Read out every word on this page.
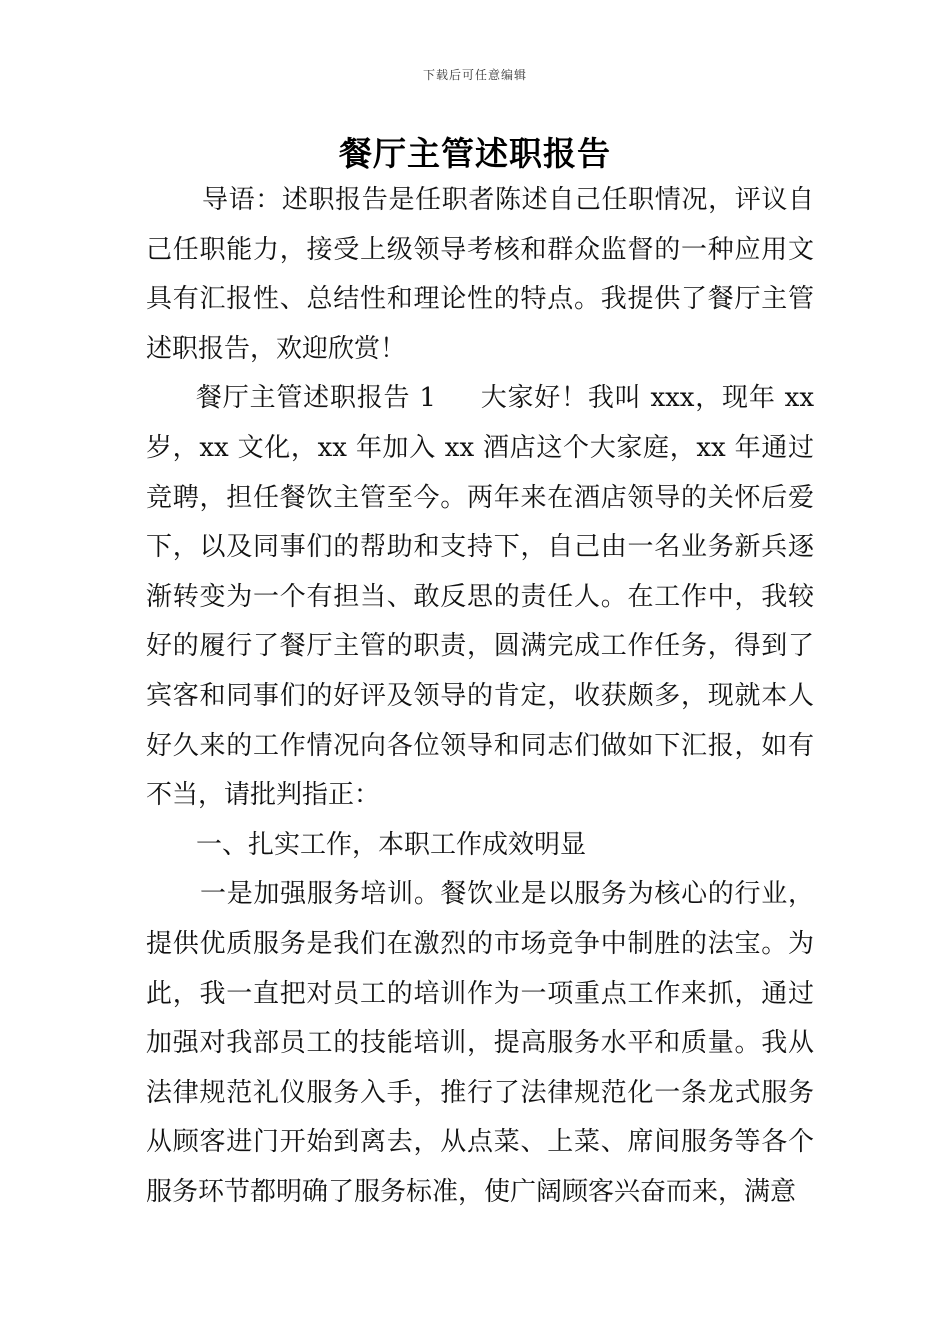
下载后可任意编辑
餐厅主管述职报告

导语：述职报告是任职者陈述自己任职情况，评议自己任职能力，接受上级领导考核和群众监督的一种应用文具有汇报性、总结性和理论性的特点。我提供了餐厅主管述职报告，欢迎欣赏！

餐厅主管述职报告 1 大家好！我叫 xxx，现年 xx 岁，xx 文化，xx 年加入 xx 酒店这个大家庭，xx 年通过竞聘，担任餐饮主管至今。两年来在酒店领导的关怀后爱下，以及同事们的帮助和支持下，自己由一名业务新兵逐渐转变为一个有担当、敢反思的责任人。在工作中，我较好的履行了餐厅主管的职责，圆满完成工作任务，得到了宾客和同事们的好评及领导的肯定，收获颇多，现就本人好久来的工作情况向各位领导和同志们做如下汇报，如有不当，请批判指正：

一、扎实工作，本职工作成效明显

一是加强服务培训。餐饮业是以服务为核心的行业，提供优质服务是我们在激烈的市场竞争中制胜的法宝。为此，我一直把对员工的培训作为一项重点工作来抓，通过加强对我部员工的技能培训，提高服务水平和质量。我从法律规范礼仪服务入手，推行了法律规范化一条龙式服务从顾客进门开始到离去，从点菜、上菜、席间服务等各个服务环节都明确了服务标准，使广阔顾客兴奋而来，满意
